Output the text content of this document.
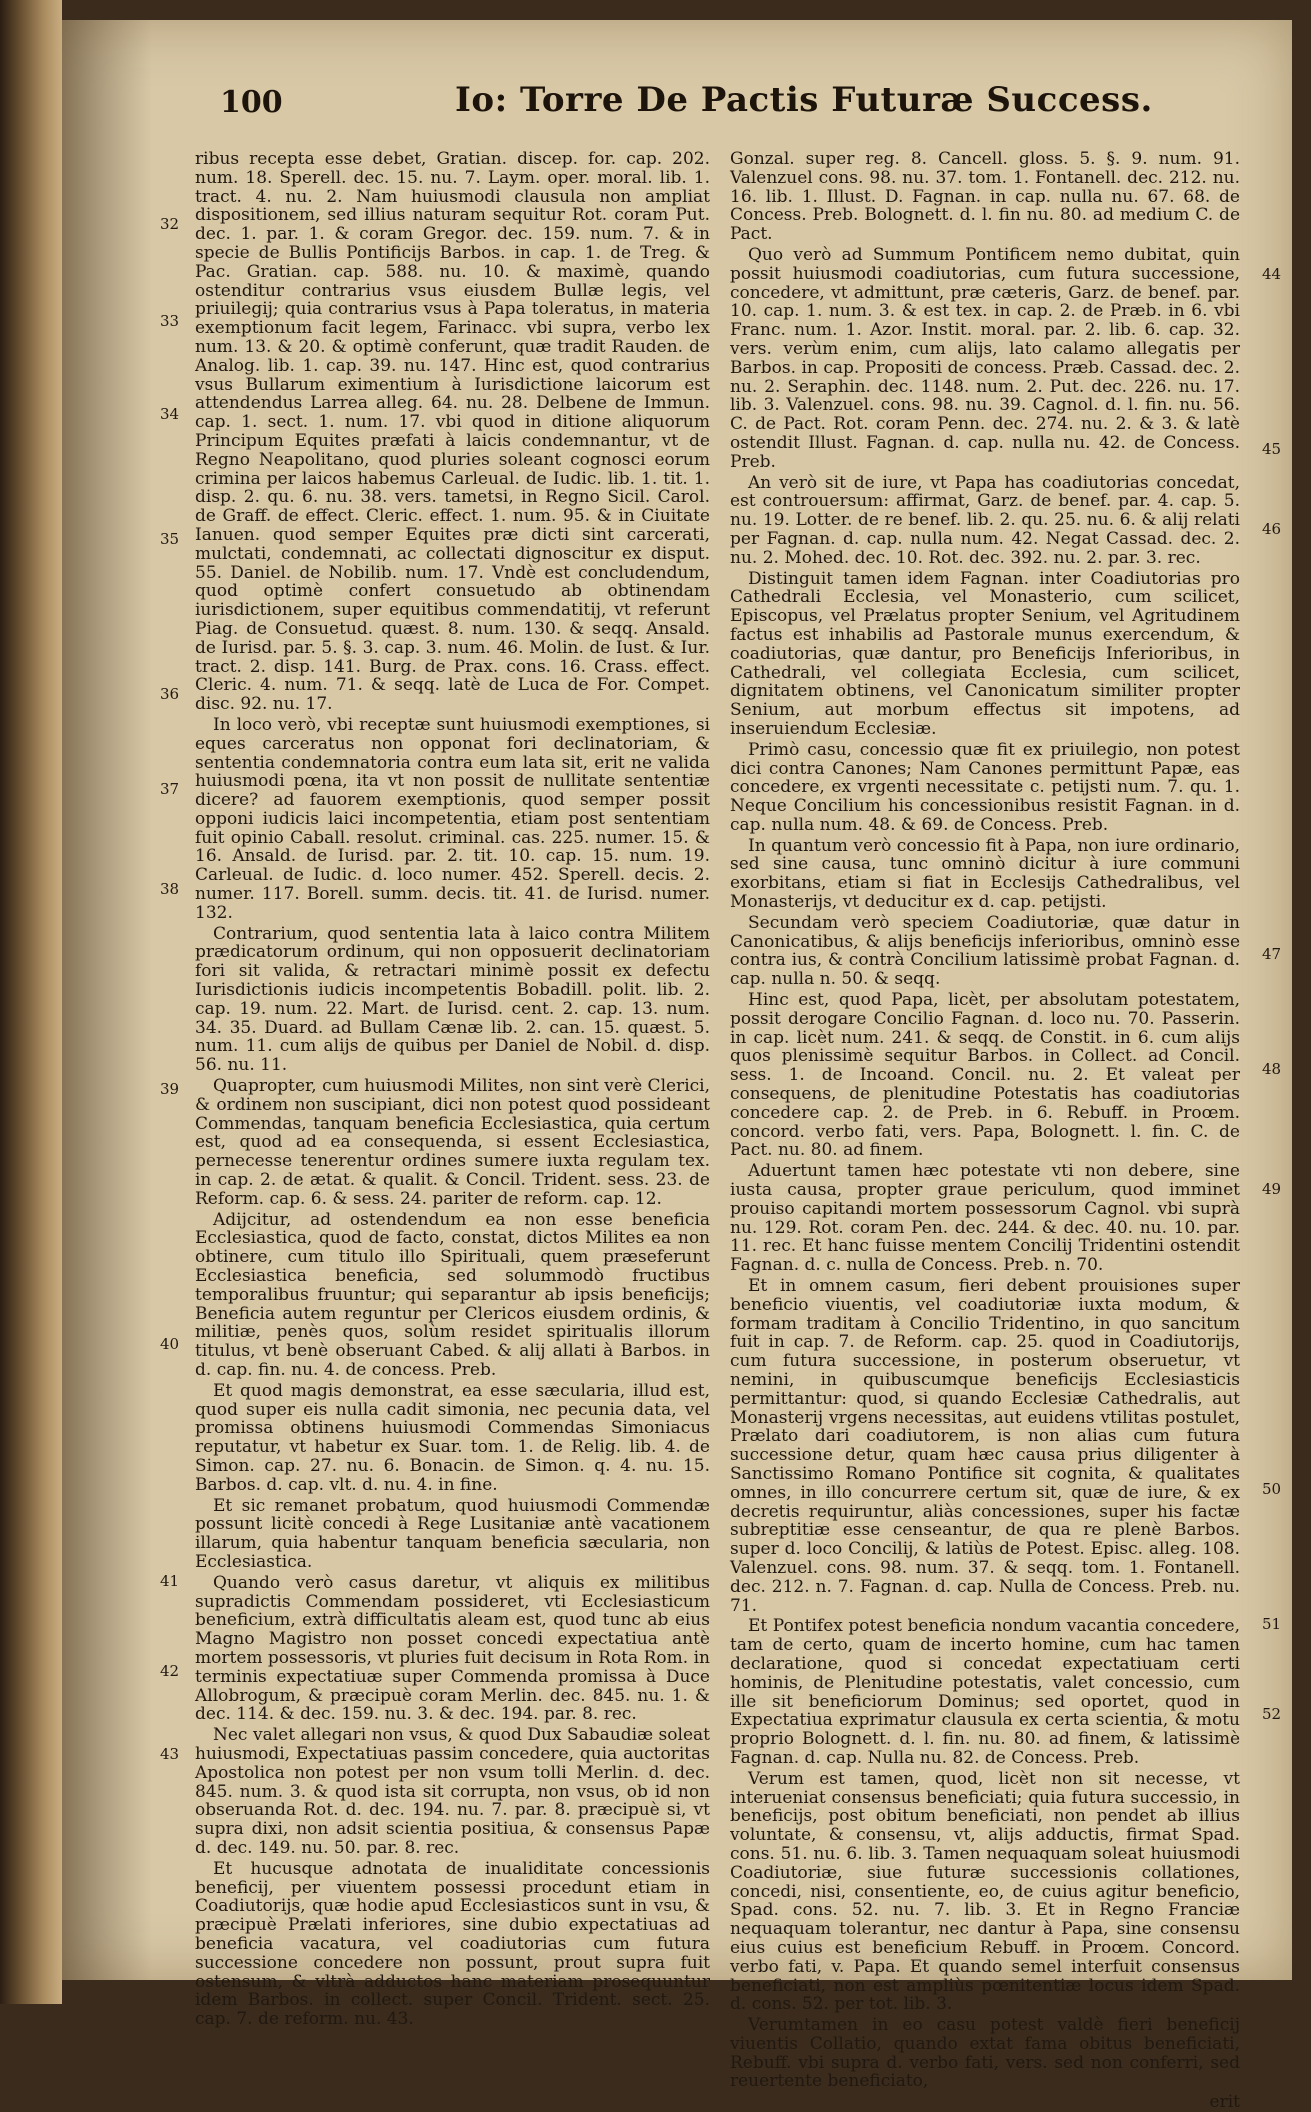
100	Io: Torre De Pactis Futuræ Success.

ribus recepta esse debet, Gratian. discep. for. cap. 202. num. 18. Sperell. dec. 15. nu. 7. Laym. oper. moral. lib. 1. tract. 4. nu. 2. Nam huiusmodi clausula non ampliat dispositionem, sed illius naturam sequitur Rot. coram Put. dec. 1. par. 1. & coram Gregor. dec. 159. num. 7. & in specie de Bullis Pontificijs Barbos. in cap. 1. de Treg. & Pac. Gratian. cap. 588. nu. 10. & maximè, quando ostenditur contrarius vsus eiusdem Bullæ legis, vel priuilegij; quia contrarius vsus à Papa toleratus, in materia exemptionum facit legem, Farinacc. vbi supra, verbo lex num. 13. & 20. & optimè conferunt, quæ tradit Rauden. de Analog. lib. 1. cap. 39. nu. 147. Hinc est, quod contrarius vsus Bullarum eximentium à Iurisdictione laicorum est attendendus Larrea alleg. 64. nu. 28. Delbene de Immun. cap. 1. sect. 1. num. 17. vbi quod in ditione aliquorum Principum Equites præfati à laicis condemnantur, vt de Regno Neapolitano, quod pluries soleant cognosci eorum crimina per laicos habemus Carleual. de Iudic. lib. 1. tit. 1. disp. 2. qu. 6. nu. 38. vers. tametsi, in Regno Sicil. Carol. de Graff. de effect. Cleric. effect. 1. num. 95. & in Ciuitate Ianuen. quod semper Equites præ dicti sint carcerati, mulctati, condemnati, ac collectati dignoscitur ex disput. 55. Daniel. de Nobilib. num. 17. Vndè est concludendum, quod optimè confert consuetudo ab obtinendam iurisdictionem, super equitibus commendatitij, vt referunt Piag. de Consuetud. quæst. 8. num. 130. & seqq. Ansald. de Iurisd. par. 5. §. 3. cap. 3. num. 46. Molin. de Iust. & Iur. tract. 2. disp. 141. Burg. de Prax. cons. 16. Crass. effect. Cleric. 4. num. 71. & seqq. latè de Luca de For. Compet. disc. 92. nu. 17.

In loco verò, vbi receptæ sunt huiusmodi exemptiones, si eques carceratus non opponat fori declinatoriam, & sententia condemnatoria contra eum lata sit, erit ne valida huiusmodi pœna, ita vt non possit de nullitate sententiæ dicere? ad fauorem exemptionis, quod semper possit opponi iudicis laici incompetentia, etiam post sententiam fuit opinio Caball. resolut. criminal. cas. 225. numer. 15. & 16. Ansald. de Iurisd. par. 2. tit. 10. cap. 15. num. 19. Carleual. de Iudic. d. loco numer. 452. Sperell. decis. 2. numer. 117. Borell. summ. decis. tit. 41. de Iurisd. numer. 132.

Contrarium, quod sententia lata à laico contra Militem prædicatorum ordinum, qui non opposuerit declinatoriam fori sit valida, & retractari minimè possit ex defectu Iurisdictionis iudicis incompetentis Bobadill. polit. lib. 2. cap. 19. num. 22. Mart. de Iurisd. cent. 2. cap. 13. num. 34. 35. Duard. ad Bullam Cænæ lib. 2. can. 15. quæst. 5. num. 11. cum alijs de quibus per Daniel de Nobil. d. disp. 56. nu. 11.

Quapropter, cum huiusmodi Milites, non sint verè Clerici, & ordinem non suscipiant, dici non potest quod possideant Commendas, tanquam beneficia Ecclesiastica, quia certum est, quod ad ea consequenda, si essent Ecclesiastica, pernecesse tenerentur ordines sumere iuxta regulam tex. in cap. 2. de ætat. & qualit. & Concil. Trident. sess. 23. de Reform. cap. 6. & sess. 24. pariter de reform. cap. 12.

Adijcitur, ad ostendendum ea non esse beneficia Ecclesiastica, quod de facto, constat, dictos Milites ea non obtinere, cum titulo illo Spirituali, quem præseferunt Ecclesiastica beneficia, sed solummodò fructibus temporalibus fruuntur; qui separantur ab ipsis beneficijs; Beneficia autem reguntur per Clericos eiusdem ordinis, & militiæ, penès quos, solùm residet spiritualis illorum titulus, vt benè obseruant Cabed. & alij allati à Barbos. in d. cap. fin. nu. 4. de concess. Preb.

Et quod magis demonstrat, ea esse sæcularia, illud est, quod super eis nulla cadit simonia, nec pecunia data, vel promissa obtinens huiusmodi Commendas Simoniacus reputatur, vt habetur ex Suar. tom. 1. de Relig. lib. 4. de Simon. cap. 27. nu. 6. Bonacin. de Simon. q. 4. nu. 15. Barbos. d. cap. vlt. d. nu. 4. in fine.

Et sic remanet probatum, quod huiusmodi Commendæ possunt licitè concedi à Rege Lusitaniæ antè vacationem illarum, quia habentur tanquam beneficia sæcularia, non Ecclesiastica.

Quando verò casus daretur, vt aliquis ex militibus supradictis Commendam possideret, vti Ecclesiasticum beneficium, extrà difficultatis aleam est, quod tunc ab eius Magno Magistro non posset concedi expectatiua antè mortem possessoris, vt pluries fuit decisum in Rota Rom. in terminis expectatiuæ super Commenda promissa à Duce Allobrogum, & præcipuè coram Merlin. dec. 845. nu. 1. & dec. 114. & dec. 159. nu. 3. & dec. 194. par. 8. rec.

Nec valet allegari non vsus, & quod Dux Sabaudiæ soleat huiusmodi, Expectatiuas passim concedere, quia auctoritas Apostolica non potest per non vsum tolli Merlin. d. dec. 845. num. 3. & quod ista sit corrupta, non vsus, ob id non obseruanda Rot. d. dec. 194. nu. 7. par. 8. præcipuè si, vt supra dixi, non adsit scientia positiua, & consensus Papæ d. dec. 149. nu. 50. par. 8. rec.

Et hucusque adnotata de inualiditate concessionis beneficij, per viuentem possessi procedunt etiam in Coadiutorijs, quæ hodie apud Ecclesiasticos sunt in vsu, & præcipuè Prælati inferiores, sine dubio expectatiuas ad beneficia vacatura, vel coadiutorias cum futura successione concedere non possunt, prout supra fuit ostensum, & vltrà adductos hanc materiam prosequuntur idem Barbos. in collect. super Concil. Trident. sect. 25. cap. 7. de reform. nu. 43.

Gonzal. super reg. 8. Cancell. gloss. 5. §. 9. num. 91. Valenzuel cons. 98. nu. 37. tom. 1. Fontanell. dec. 212. nu. 16. lib. 1. Illust. D. Fagnan. in cap. nulla nu. 67. 68. de Concess. Preb. Bolognett. d. l. fin nu. 80. ad medium C. de Pact.

Quo verò ad Summum Pontificem nemo dubitat, quin possit huiusmodi coadiutorias, cum futura successione, concedere, vt admittunt, præ cæteris, Garz. de benef. par. 10. cap. 1. num. 3. & est tex. in cap. 2. de Præb. in 6. vbi Franc. num. 1. Azor. Instit. moral. par. 2. lib. 6. cap. 32. vers. verùm enim, cum alijs, lato calamo allegatis per Barbos. in cap. Propositi de concess. Præb. Cassad. dec. 2. nu. 2. Seraphin. dec. 1148. num. 2. Put. dec. 226. nu. 17. lib. 3. Valenzuel. cons. 98. nu. 39. Cagnol. d. l. fin. nu. 56. C. de Pact. Rot. coram Penn. dec. 274. nu. 2. & 3. & latè ostendit Illust. Fagnan. d. cap. nulla nu. 42. de Concess. Preb.

An verò sit de iure, vt Papa has coadiutorias concedat, est controuersum: affirmat, Garz. de benef. par. 4. cap. 5. nu. 19. Lotter. de re benef. lib. 2. qu. 25. nu. 6. & alij relati per Fagnan. d. cap. nulla num. 42. Negat Cassad. dec. 2. nu. 2. Mohed. dec. 10. Rot. dec. 392. nu. 2. par. 3. rec.

Distinguit tamen idem Fagnan. inter Coadiutorias pro Cathedrali Ecclesia, vel Monasterio, cum scilicet, Episcopus, vel Prælatus propter Senium, vel Agritudinem factus est inhabilis ad Pastorale munus exercendum, & coadiutorias, quæ dantur, pro Beneficijs Inferioribus, in Cathedrali, vel collegiata Ecclesia, cum scilicet, dignitatem obtinens, vel Canonicatum similiter propter Senium, aut morbum effectus sit impotens, ad inseruiendum Ecclesiæ.

Primò casu, concessio quæ fit ex priuilegio, non potest dici contra Canones; Nam Canones permittunt Papæ, eas concedere, ex vrgenti necessitate c. petijsti num. 7. qu. 1. Neque Concilium his concessionibus resistit Fagnan. in d. cap. nulla num. 48. & 69. de Concess. Preb.

In quantum verò concessio fit à Papa, non iure ordinario, sed sine causa, tunc omninò dicitur à iure communi exorbitans, etiam si fiat in Ecclesijs Cathedralibus, vel Monasterijs, vt deducitur ex d. cap. petijsti.

Secundam verò speciem Coadiutoriæ, quæ datur in Canonicatibus, & alijs beneficijs inferioribus, omninò esse contra ius, & contrà Concilium latissimè probat Fagnan. d. cap. nulla n. 50. & seqq.

Hinc est, quod Papa, licèt, per absolutam potestatem, possit derogare Concilio Fagnan. d. loco nu. 70. Passerin. in cap. licèt num. 241. & seqq. de Constit. in 6. cum alijs quos plenissimè sequitur Barbos. in Collect. ad Concil. sess. 1. de Incoand. Concil. nu. 2. Et valeat per consequens, de plenitudine Potestatis has coadiutorias concedere cap. 2. de Preb. in 6. Rebuff. in Proœm. concord. verbo fati, vers. Papa, Bolognett. l. fin. C. de Pact. nu. 80. ad finem.

Aduertunt tamen hæc potestate vti non debere, sine iusta causa, propter graue periculum, quod imminet prouiso capitandi mortem possessorum Cagnol. vbi suprà nu. 129. Rot. coram Pen. dec. 244. & dec. 40. nu. 10. par. 11. rec. Et hanc fuisse mentem Concilij Tridentini ostendit Fagnan. d. c. nulla de Concess. Preb. n. 70.

Et in omnem casum, fieri debent prouisiones super beneficio viuentis, vel coadiutoriæ iuxta modum, & formam traditam à Concilio Tridentino, in quo sancitum fuit in cap. 7. de Reform. cap. 25. quod in Coadiutorijs, cum futura successione, in posterum obseruetur, vt nemini, in quibuscumque beneficijs Ecclesiasticis permittantur: quod, si quando Ecclesiæ Cathedralis, aut Monasterij vrgens necessitas, aut euidens vtilitas postulet, Prælato dari coadiutorem, is non alias cum futura successione detur, quam hæc causa prius diligenter à Sanctissimo Romano Pontifice sit cognita, & qualitates omnes, in illo concurrere certum sit, quæ de iure, & ex decretis requiruntur, aliàs concessiones, super his factæ subreptitiæ esse censeantur, de qua re plenè Barbos. super d. loco Concilij, & latiùs de Potest. Episc. alleg. 108. Valenzuel. cons. 98. num. 37. & seqq. tom. 1. Fontanell. dec. 212. n. 7. Fagnan. d. cap. Nulla de Concess. Preb. nu. 71.

Et Pontifex potest beneficia nondum vacantia concedere, tam de certo, quam de incerto homine, cum hac tamen declaratione, quod si concedat expectatiuam certi hominis, de Plenitudine potestatis, valet concessio, cum ille sit beneficiorum Dominus; sed oportet, quod in Expectatiua exprimatur clausula ex certa scientia, & motu proprio Bolognett. d. l. fin. nu. 80. ad finem, & latissimè Fagnan. d. cap. Nulla nu. 82. de Concess. Preb.

Verum est tamen, quod, licèt non sit necesse, vt interueniat consensus beneficiati; quia futura successio, in beneficijs, post obitum beneficiati, non pendet ab illius voluntate, & consensu, vt, alijs adductis, firmat Spad. cons. 51. nu. 6. lib. 3. Tamen nequaquam soleat huiusmodi Coadiutoriæ, siue futuræ successionis collationes, concedi, nisi, consentiente, eo, de cuius agitur beneficio, Spad. cons. 52. nu. 7. lib. 3. Et in Regno Franciæ nequaquam tolerantur, nec dantur à Papa, sine consensu eius cuius est beneficium Rebuff. in Proœm. Concord. verbo fati, v. Papa. Et quando semel interfuit consensus beneficiati, non est ampliùs pœnitentiæ locus idem Spad. d. cons. 52. per tot. lib. 3.

Verumtamen in eo casu potest valdè fieri beneficij viuentis Collatio, quando extat fama obitus beneficiati, Rebuff. vbi supra d. verbo fati, vers. sed non conferri, sed reuertente beneficiato,

erit

32
33
34
35
36
37
38
39
40
41
42
43
44
45
46
47
48
49
50
51
52
